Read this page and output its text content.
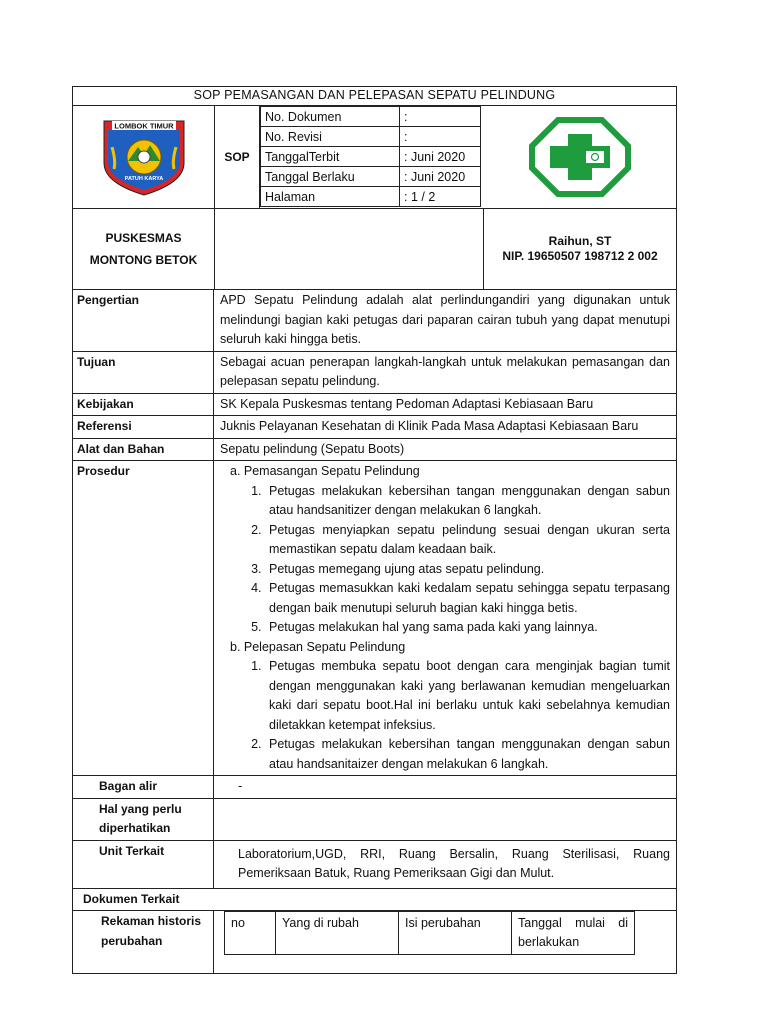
SOP PEMASANGAN DAN PELEPASAN SEPATU PELINDUNG
LOMBOK TIMUR
PATUH KARYA
SOP
No. Dokumen	:
No. Revisi	:
TanggalTerbit	: Juni 2020
Tanggal Berlaku	: Juni 2020
Halaman	: 1 / 2
PUSKESMAS
MONTONG BETOK
Raihun, ST
NIP. 19650507 198712 2 002
Pengertian	APD Sepatu Pelindung adalah alat perlindungandiri yang digunakan untuk melindungi bagian kaki petugas dari paparan cairan tubuh yang dapat menutupi seluruh kaki hingga betis.
Tujuan	Sebagai acuan penerapan langkah-langkah untuk melakukan pemasangan dan pelepasan sepatu pelindung.
Kebijakan	SK Kepala Puskesmas tentang Pedoman Adaptasi Kebiasaan Baru
Referensi	Juknis Pelayanan Kesehatan di Klinik Pada Masa Adaptasi Kebiasaan Baru
Alat dan Bahan	Sepatu pelindung (Sepatu Boots)
Prosedur	a. Pemasangan Sepatu Pelindung

1. Petugas melakukan kebersihan tangan menggunakan dengan sabun atau handsanitizer dengan melakukan 6 langkah.
2. Petugas menyiapkan sepatu pelindung sesuai dengan ukuran serta memastikan sepatu dalam keadaan baik.
3. Petugas memegang ujung atas sepatu pelindung.
4. Petugas memasukkan kaki kedalam sepatu sehingga sepatu terpasang dengan baik menutupi seluruh bagian kaki hingga betis.
5. Petugas melakukan hal yang sama pada kaki yang lainnya.

b. Pelepasan Sepatu Pelindung

1. Petugas membuka sepatu boot dengan cara menginjak bagian tumit dengan menggunakan kaki yang berlawanan kemudian mengeluarkan kaki dari sepatu boot.Hal ini berlaku untuk kaki sebelahnya kemudian diletakkan ketempat infeksius.
2. Petugas melakukan kebersihan tangan menggunakan dengan sabun atau handsanitaizer dengan melakukan 6 langkah.
Bagan alir	-
Hal yang perlu diperhatikan
Unit Terkait	Laboratorium,UGD, RRI, Ruang Bersalin, Ruang Sterilisasi, Ruang Pemeriksaan Batuk, Ruang Pemeriksaan Gigi dan Mulut.
Dokumen Terkait
Rekaman historis perubahan
no	Yang di rubah	Isi perubahan	Tanggal mulai di berlakukan
